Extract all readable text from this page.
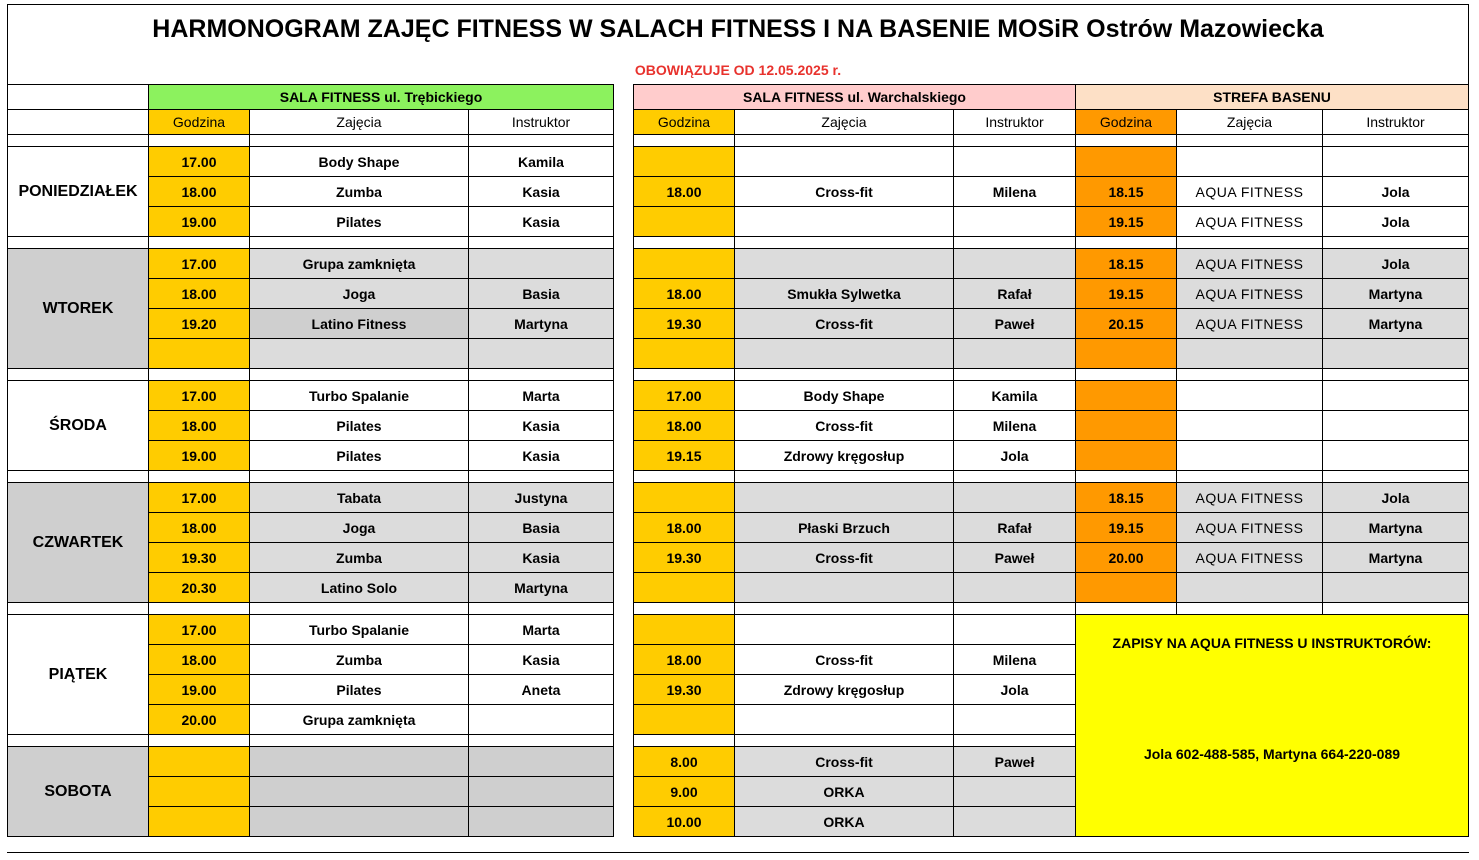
HARMONOGRAM ZAJĘC FITNESS W SALACH FITNESS I NA BASENIE MOSiR Ostrów Mazowiecka
OBOWIĄZUJE OD 12.05.2025 r.
	SALA FITNESS ul. Trębickiego				SALA FITNESS ul. Warchalskiego			STREFA BASENU		
	Godzina	Zajęcia	Instruktor		Godzina	Zajęcia	Instruktor	Godzina	Zajęcia	Instruktor

PONIEDZIAŁEK	17.00	Body Shape	Kamila							
	18.00	Zumba	Kasia		18.00	Cross-fit	Milena	18.15	AQUA FITNESS	Jola
	19.00	Pilates	Kasia					19.15	AQUA FITNESS	Jola

WTOREK	17.00	Grupa zamknięta						18.15	AQUA FITNESS	Jola
	18.00	Joga	Basia		18.00	Smukła Sylwetka	Rafał	19.15	AQUA FITNESS	Martyna
	19.20	Latino Fitness	Martyna		19.30	Cross-fit	Paweł	20.15	AQUA FITNESS	Martyna

ŚRODA	17.00	Turbo Spalanie	Marta		17.00	Body Shape	Kamila			
	18.00	Pilates	Kasia		18.00	Cross-fit	Milena			
	19.00	Pilates	Kasia		19.15	Zdrowy kręgosłup	Jola			

CZWARTEK	17.00	Tabata	Justyna					18.15	AQUA FITNESS	Jola
	18.00	Joga	Basia		18.00	Płaski Brzuch	Rafał	19.15	AQUA FITNESS	Martyna
	19.30	Zumba	Kasia		19.30	Cross-fit	Paweł	20.00	AQUA FITNESS	Martyna
	20.30	Latino Solo	Martyna							

PIĄTEK	17.00	Turbo Spalanie	Marta					ZAPISY NA AQUA FITNESS U INSTRUKTORÓW:
Jola 602-488-585, Martyna 664-220-089		

	18.00	Zumba	Kasia		18.00	Cross-fit	Milena			
	19.00	Pilates	Aneta		19.30	Zdrowy kręgosłup	Jola			
	20.00	Grupa zamknięta								

SOBOTA					8.00	Cross-fit	Paweł			
					9.00	ORKA				
					10.00	ORKA				
